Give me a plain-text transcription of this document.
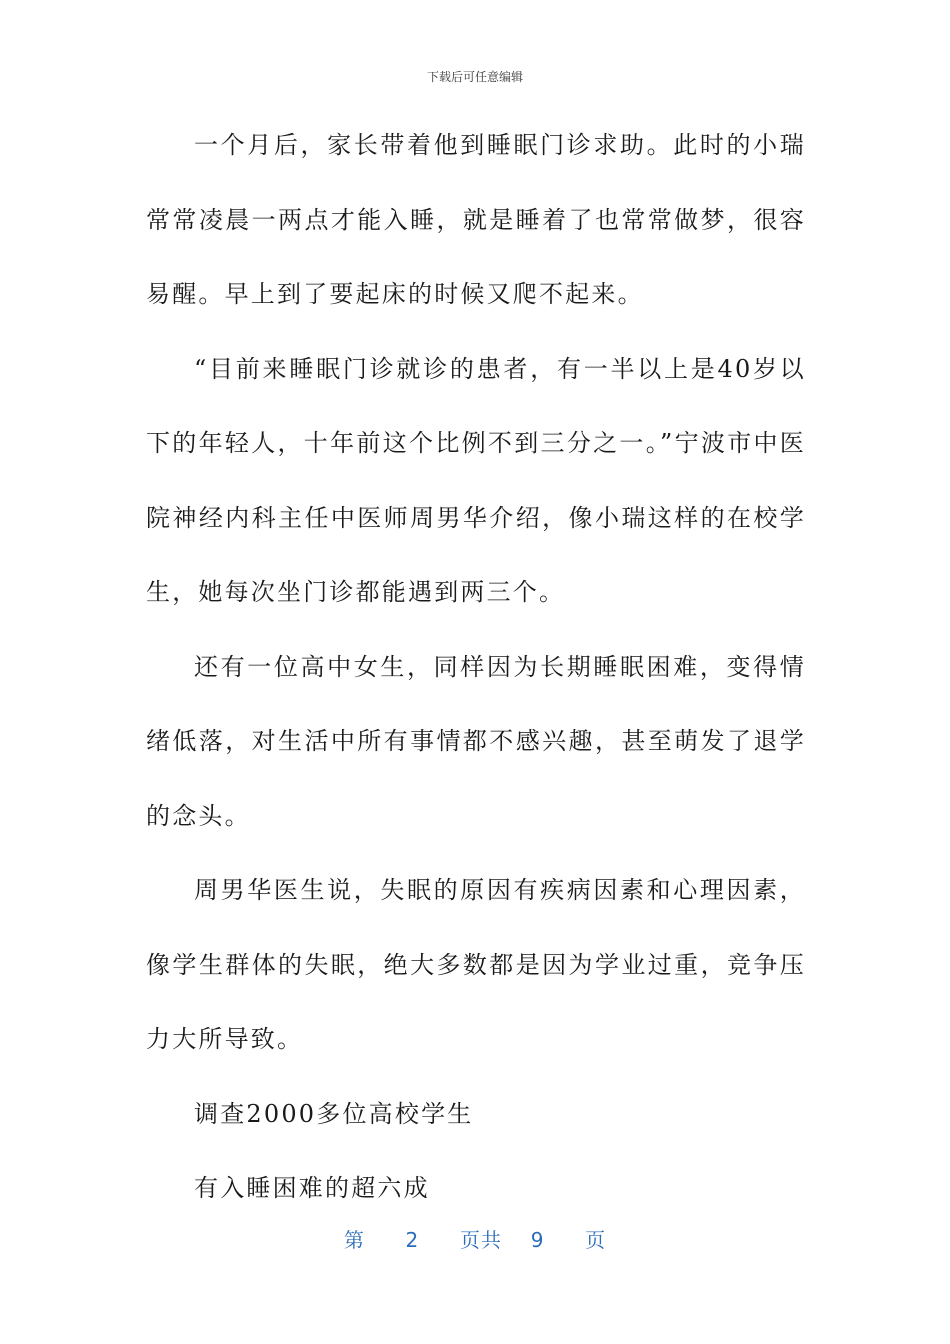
下载后可任意编辑

一个月后，家长带着他到睡眠门诊求助。此时的小瑞常常凌晨一两点才能入睡，就是睡着了也常常做梦，很容易醒。早上到了要起床的时候又爬不起来。

“目前来睡眠门诊就诊的患者，有一半以上是40岁以下的年轻人，十年前这个比例不到三分之一。”宁波市中医院神经内科主任中医师周男华介绍，像小瑞这样的在校学生，她每次坐门诊都能遇到两三个。

还有一位高中女生，同样因为长期睡眠困难，变得情绪低落，对生活中所有事情都不感兴趣，甚至萌发了退学的念头。

周男华医生说，失眠的原因有疾病因素和心理因素，像学生群体的失眠，绝大多数都是因为学业过重，竞争压力大所导致。

调查2000多位高校学生

有入睡困难的超六成

第 2 页共 9 页
